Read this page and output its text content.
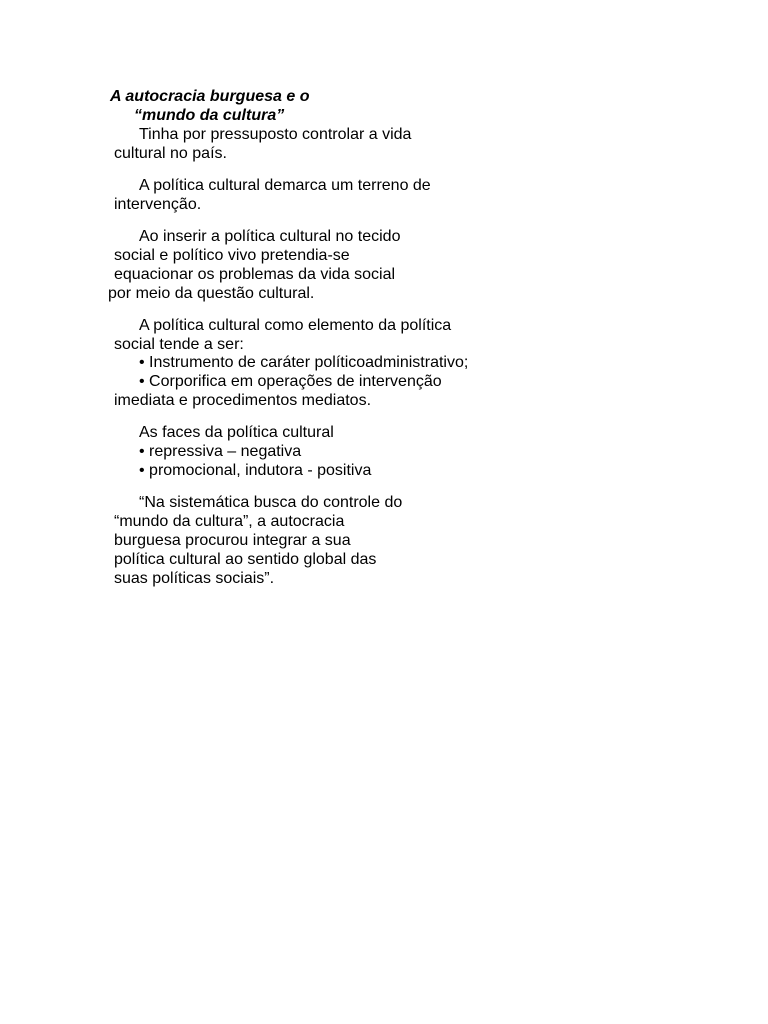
A autocracia burguesa e o
“mundo da cultura”
Tinha por pressuposto controlar a vida
cultural no país.
A política cultural demarca um terreno de
intervenção.
Ao inserir a política cultural no tecido
social e político vivo pretendia-se
equacionar os problemas da vida social
por meio da questão cultural.
A política cultural como elemento da política
social tende a ser:
• Instrumento de caráter políticoadministrativo;
• Corporifica em operações de intervenção
imediata e procedimentos mediatos.
As faces da política cultural
• repressiva – negativa
• promocional, indutora - positiva
“Na sistemática busca do controle do
“mundo da cultura”, a autocracia
burguesa procurou integrar a sua
política cultural ao sentido global das
suas políticas sociais”.
